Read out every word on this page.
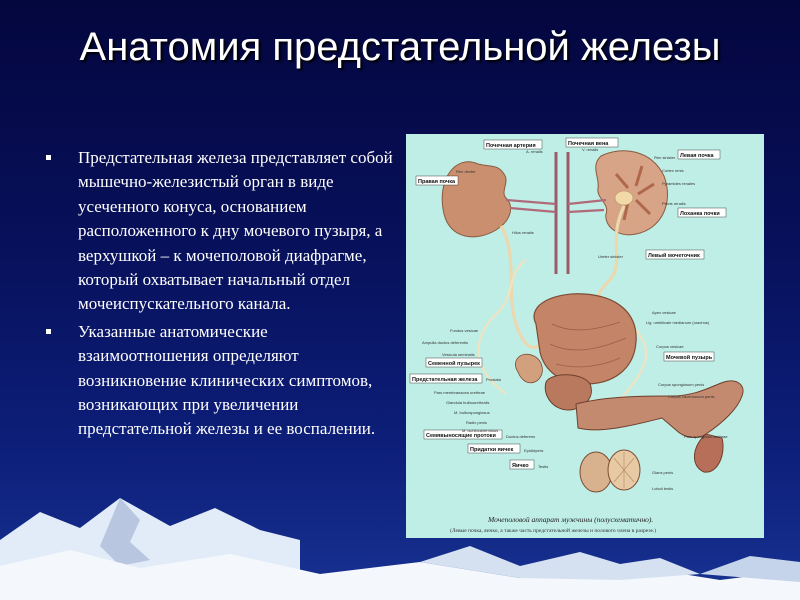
Анатомия предстательной железы
Предстательная железа представляет собой мышечно-железистый орган в виде усеченного конуса, основанием расположенного к дну мочевого пузыря, а верхушкой – к мочеполовой диафрагме, который охватывает начальный отдел мочеиспускательного канала.
Указанные анатомические взаимоотношения определяют возникновение клинических симптомов, возникающих при увеличении предстательной железы и ее воспалении.
Почечная артерия	Почечная вена
Левая почка
Правая почка
Лоханка почки
Левый мочеточник
Мочевой пузырь
Семенной пузырек
Предстательная железа
Семявыносящие протоки
Придатки яичек
Яичко
A. renalis	V. renalis
Ren dexter
Ren sinister
Cortex renis
Pyramides renales
Pelvis renalis
Hilus renalis
Ureter sinister
Apex vesicae
Lig. umbilicale medianum (urachus)
Fundus vesicae
Ampulla ductus deferentis
Vesicula seminalis
Corpus vesicae
Prostata
Pars membranacea urethrae
Glandula bulbourethralis
M. bulbospongiosus
Radix penis
M. ischiocavernosus
Ductus deferens
Epididymis
Testis
Corpus spongiosum penis
Corpus cavernosum penis
Pars spongiosa urethrae
Glans penis
Lobuli testis
Мочеполовой аппарат мужчины (полусхематично).
(Левые почка, яичко, а также часть предстательной железы и полового члена в разрезе.)
